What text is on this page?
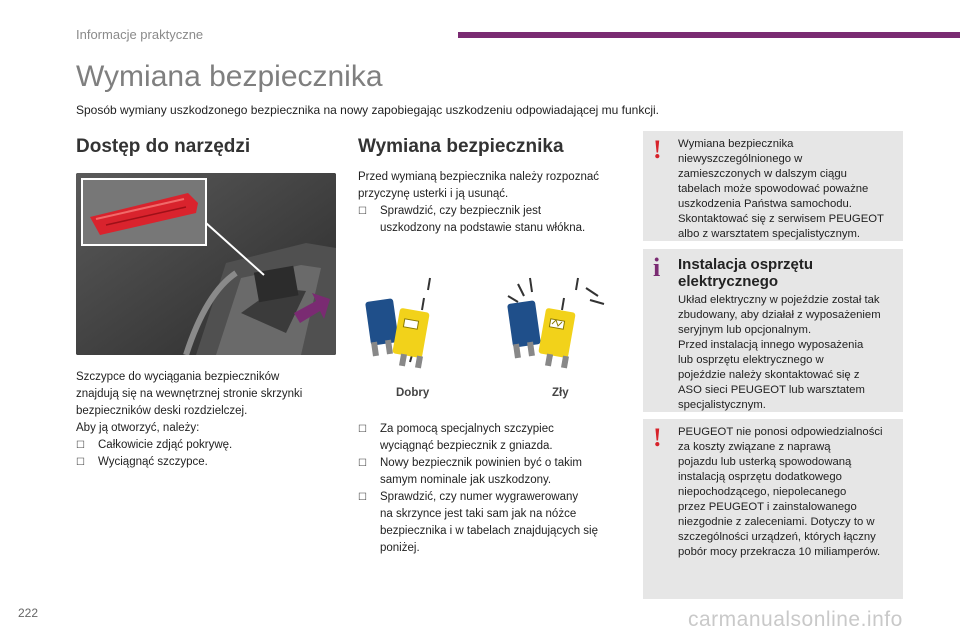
Informacje praktyczne
Wymiana bezpiecznika
Sposób wymiany uszkodzonego bezpiecznika na nowy zapobiegając uszkodzeniu odpowiadającej mu funkcji.
Dostęp do narzędzi

Szczypce do wyciągania bezpieczników

znajdują się na wewnętrznej stronie skrzynki

bezpieczników deski rozdzielczej.

Aby ją otworzyć, należy:

☐	Całkowicie zdjąć pokrywę.
☐	Wyciągnąć szczypce.
Wymiana bezpiecznika

Przed wymianą bezpiecznika należy rozpoznać

przyczynę usterki i ją usunąć.

☐	Sprawdzić, czy bezpiecznik jest
uszkodzony na podstawie stanu włókna.
Dobry	Zły
☐	Za pomocą specjalnych szczypiec
wyciągnąć bezpiecznik z gniazda.
☐	Nowy bezpiecznik powinien być o takim
samym nominale jak uszkodzony.
☐	Sprawdzić, czy numer wygrawerowany
na skrzynce jest taki sam jak na nóżce
bezpiecznika i w tabelach znajdujących się
poniżej.
! Wymiana bezpiecznika
niewyszczególnionego w
zamieszczonych w dalszym ciągu
tabelach może spowodować poważne
uszkodzenia Państwa samochodu.
Skontaktować się z serwisem PEUGEOT
albo z warsztatem specjalistycznym.
i Instalacja osprzętu
elektrycznego
Układ elektryczny w pojeździe został tak
zbudowany, aby działał z wyposażeniem
seryjnym lub opcjonalnym.
Przed instalacją innego wyposażenia
lub osprzętu elektrycznego w
pojeździe należy skontaktować się z
ASO sieci PEUGEOT lub warsztatem
specjalistycznym.
! PEUGEOT nie ponosi odpowiedzialności
za koszty związane z naprawą
pojazdu lub usterką spowodowaną
instalacją osprzętu dodatkowego
niepochodzącego, niepolecanego
przez PEUGEOT i zainstalowanego
niezgodnie z zaleceniami. Dotyczy to w
szczególności urządzeń, których łączny
pobór mocy przekracza 10 miliamperów.
222	carmanualsonline.info
